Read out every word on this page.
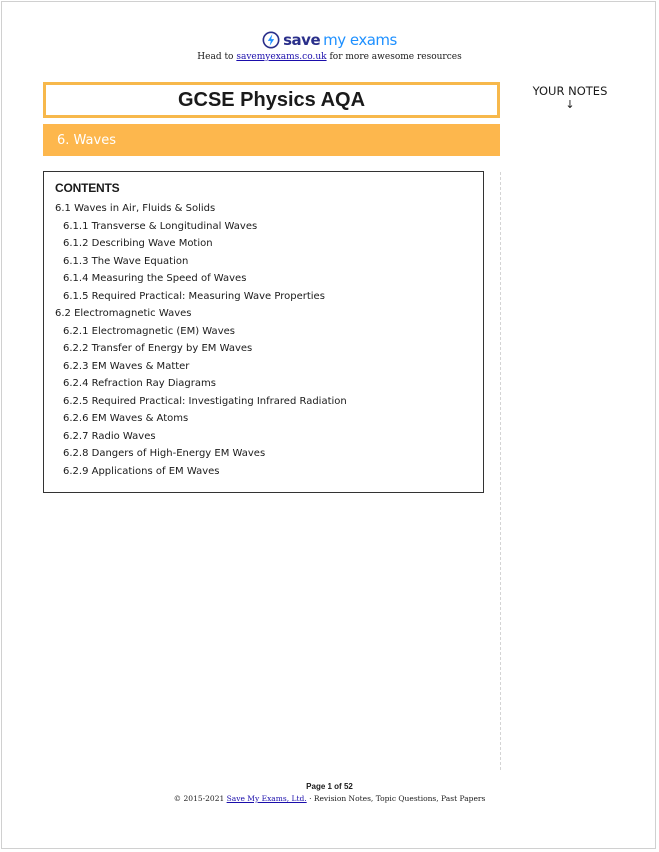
save my exams
Head to savemyexams.co.uk for more awesome resources
GCSE Physics AQA
6. Waves
YOUR NOTES
↓
CONTENTS
6.1 Waves in Air, Fluids & Solids
6.1.1 Transverse & Longitudinal Waves
6.1.2 Describing Wave Motion
6.1.3 The Wave Equation
6.1.4 Measuring the Speed of Waves
6.1.5 Required Practical: Measuring Wave Properties
6.2 Electromagnetic Waves
6.2.1 Electromagnetic (EM) Waves
6.2.2 Transfer of Energy by EM Waves
6.2.3 EM Waves & Matter
6.2.4 Refraction Ray Diagrams
6.2.5 Required Practical: Investigating Infrared Radiation
6.2.6 EM Waves & Atoms
6.2.7 Radio Waves
6.2.8 Dangers of High-Energy EM Waves
6.2.9 Applications of EM Waves
Page 1 of 52
© 2015-2021 Save My Exams, Ltd. · Revision Notes, Topic Questions, Past Papers
